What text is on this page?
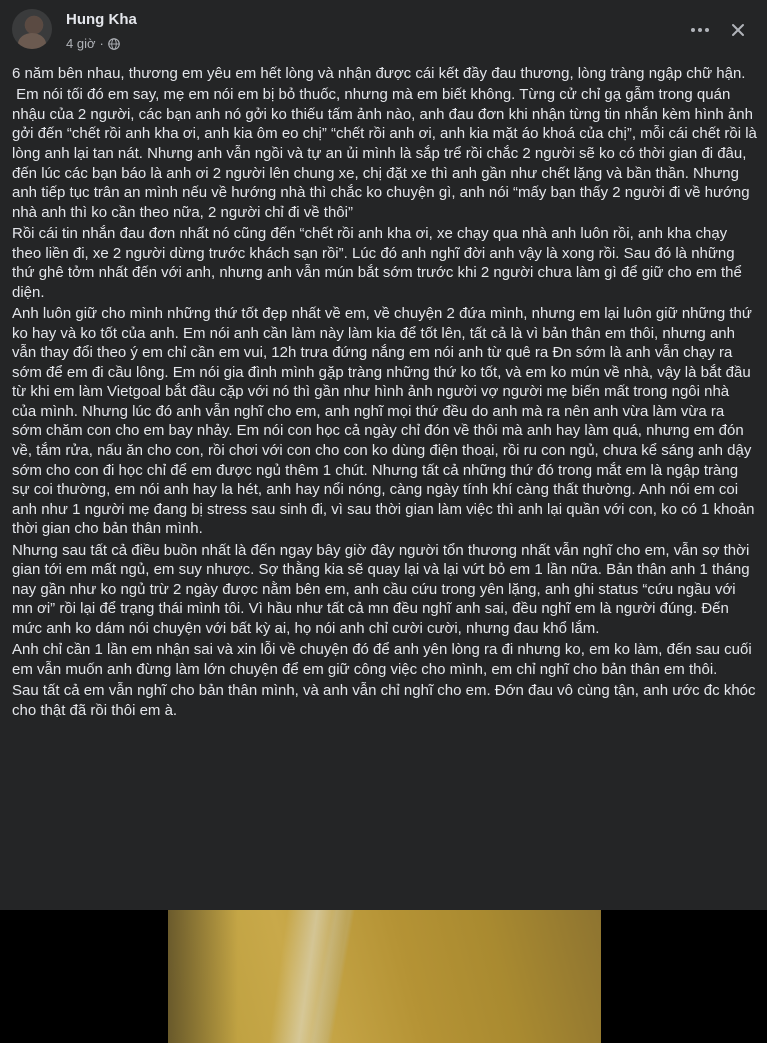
Hung Kha
4 giờ ·

6 năm bên nhau, thương em yêu em hết lòng và nhận được cái kết đầy đau thương, lòng tràng ngập chữ hận.

Em nói tối đó em say, mẹ em nói em bị bỏ thuốc, nhưng mà em biết không. Từng cử chỉ gạ gẫm trong quán nhậu của 2 người, các bạn anh nó gởi ko thiếu tấm ảnh nào, anh đau đơn khi nhận từng tin nhắn kèm hình ảnh gởi đến “chết rồi anh kha ơi, anh kia ôm eo chị” “chết rồi anh ơi, anh kia mặt áo khoá của chị”, mỗi cái chết rồi là lòng anh lại tan nát. Nhưng anh vẫn ngồi và tự an ủi mình là sắp trể rồi chắc 2 người sẽ ko có thời gian đi đâu, đến lúc các bạn báo là anh ơi 2 người lên chung xe, chị đặt xe thì anh gần như chết lặng và bần thần. Nhưng anh tiếp tục trân an mình nếu về hướng nhà thì chắc ko chuyện gì, anh nói “mấy bạn thấy 2 người đi về hướng nhà anh thì ko cần theo nữa, 2 người chỉ đi về thôi”

Rồi cái tin nhắn đau đơn nhất nó cũng đến “chết rồi anh kha ơi, xe chạy qua nhà anh luôn rồi, anh kha chạy theo liền đi, xe 2 người dừng trước khách sạn rồi”. Lúc đó anh nghĩ đời anh vậy là xong rồi. Sau đó là những thứ ghê tởm nhất đến với anh, nhưng anh vẫn mún bắt sớm trước khi 2 người chưa làm gì để giữ cho em thể diện.

Anh luôn giữ cho mình những thứ tốt đẹp nhất về em, về chuyện 2 đứa mình, nhưng em lại luôn giữ những thứ ko hay và ko tốt của anh. Em nói anh cần làm này làm kia để tốt lên, tất cả là vì bản thân em thôi, nhưng anh vẫn thay đổi theo ý em chỉ cần em vui, 12h trưa đứng nắng em nói anh từ quê ra Đn sớm là anh vẫn chạy ra sớm để em đi cầu lông. Em nói gia đình mình gặp tràng những thứ ko tốt, và em ko mún về nhà, vậy là bắt đầu từ khi em làm Vietgoal bắt đầu cặp với nó thì gần như hình ảnh người vợ người mẹ biến mất trong ngôi nhà của mình. Nhưng lúc đó anh vẫn nghĩ cho em, anh nghĩ mọi thứ đều do anh mà ra nên anh vừa làm vừa ra sớm chăm con cho em bay nhảy. Em nói con học cả ngày chỉ đón về thôi mà anh hay làm quá, nhưng em đón về, tắm rửa, nấu ăn cho con, rồi chơi với con cho con ko dùng điện thoại, rồi ru con ngủ, chưa kể sáng anh dậy sớm cho con đi học chỉ để em được ngủ thêm 1 chút. Nhưng tất cả những thứ đó trong mắt em là ngập tràng sự coi thường, em nói anh hay la hét, anh hay nổi nóng, càng ngày tính khí càng thất thường. Anh nói em coi anh như 1 người mẹ đang bị stress sau sinh đi, vì sau thời gian làm việc thì anh lại quần với con, ko có 1 khoản thời gian cho bản thân mình.

Nhưng sau tất cả điều buồn nhất là đến ngay bây giờ đây người tổn thương nhất vẫn nghĩ cho em, vẫn sợ thời gian tới em mất ngủ, em suy nhược. Sợ thằng kia sẽ quay lại và lại vứt bỏ em 1 lần nữa. Bản thân anh 1 tháng nay gần như ko ngủ trừ 2 ngày được nằm bên em, anh cầu cứu trong yên lặng, anh ghi status “cứu ngầu với mn ơi” rồi lại để trạng thái mình tôi. Vì hầu như tất cả mn đều nghĩ anh sai, đều nghĩ em là người đúng. Đến mức anh ko dám nói chuyện với bất kỳ ai, họ nói anh chỉ cười cười, nhưng đau khổ lắm.

Anh chỉ cần 1 lần em nhận sai và xin lỗi về chuyện đó để anh yên lòng ra đi nhưng ko, em ko làm, đến sau cuối em vẫn muốn anh đừng làm lớn chuyện để em giữ công việc cho mình, em chỉ nghĩ cho bản thân em thôi.

Sau tất cả em vẫn nghĩ cho bản thân mình, và anh vẫn chỉ nghĩ cho em. Đớn đau vô cùng tận, anh ước đc khóc cho thật đã rồi thôi em à.
